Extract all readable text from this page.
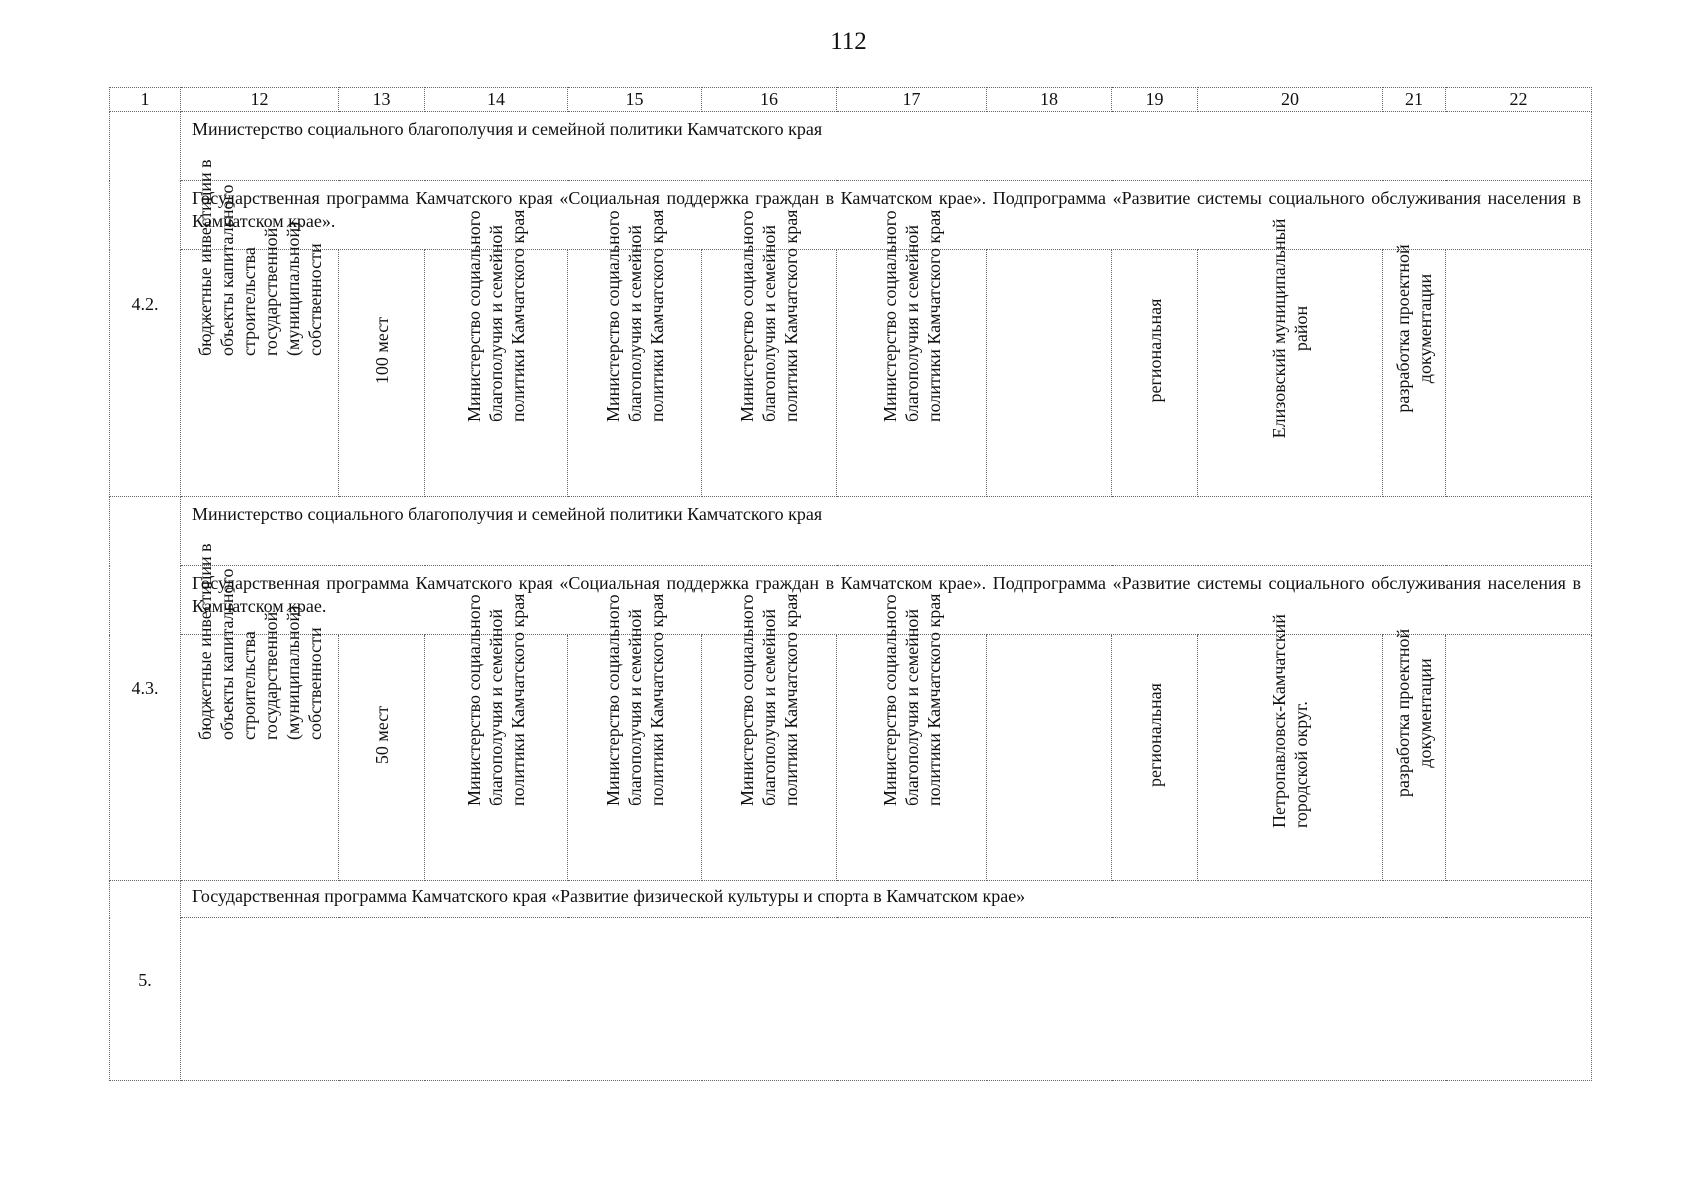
112
1	12	13	14	15	16	17	18	19	20	21	22
4.2.	Министерство социального благополучия и семейной политики Камчатского края										
	Государственная программа Камчатского края «Социальная поддержка граждан в Камчатском крае». Подпрограмма «Развитие системы социального обслуживания населения в Камчатском крае».										

	бюджетные инвестиции в объекты капитального строительства государственной (муниципальной) собственности	100 мест	Министерство социального благополучия и семейной политики Камчатского края	Министерство социального благополучия и семейной политики Камчатского края	Министерство социального благополучия и семейной политики Камчатского края	Министерство социального благополучия и семейной политики Камчатского края		региональная	Елизовский муниципальный район	разработка проектной документации	

4.3.	Министерство социального благополучия и семейной политики Камчатского края										
	Государственная программа Камчатского края «Социальная поддержка граждан в Камчатском крае». Подпрограмма «Развитие системы социального обслуживания населения в Камчатском крае.										

	бюджетные инвестиции в объекты капитального строительства государственной (муниципальной) собственности	50 мест	Министерство социального благополучия и семейной политики Камчатского края	Министерство социального благополучия и семейной политики Камчатского края	Министерство социального благополучия и семейной политики Камчатского края	Министерство социального благополучия и семейной политики Камчатского края		региональная	Петропавловск-Камчатский городской округ.	разработка проектной документации	

5.	Государственная программа Камчатского края «Развитие физической культуры и спорта в Камчатском крае»										
